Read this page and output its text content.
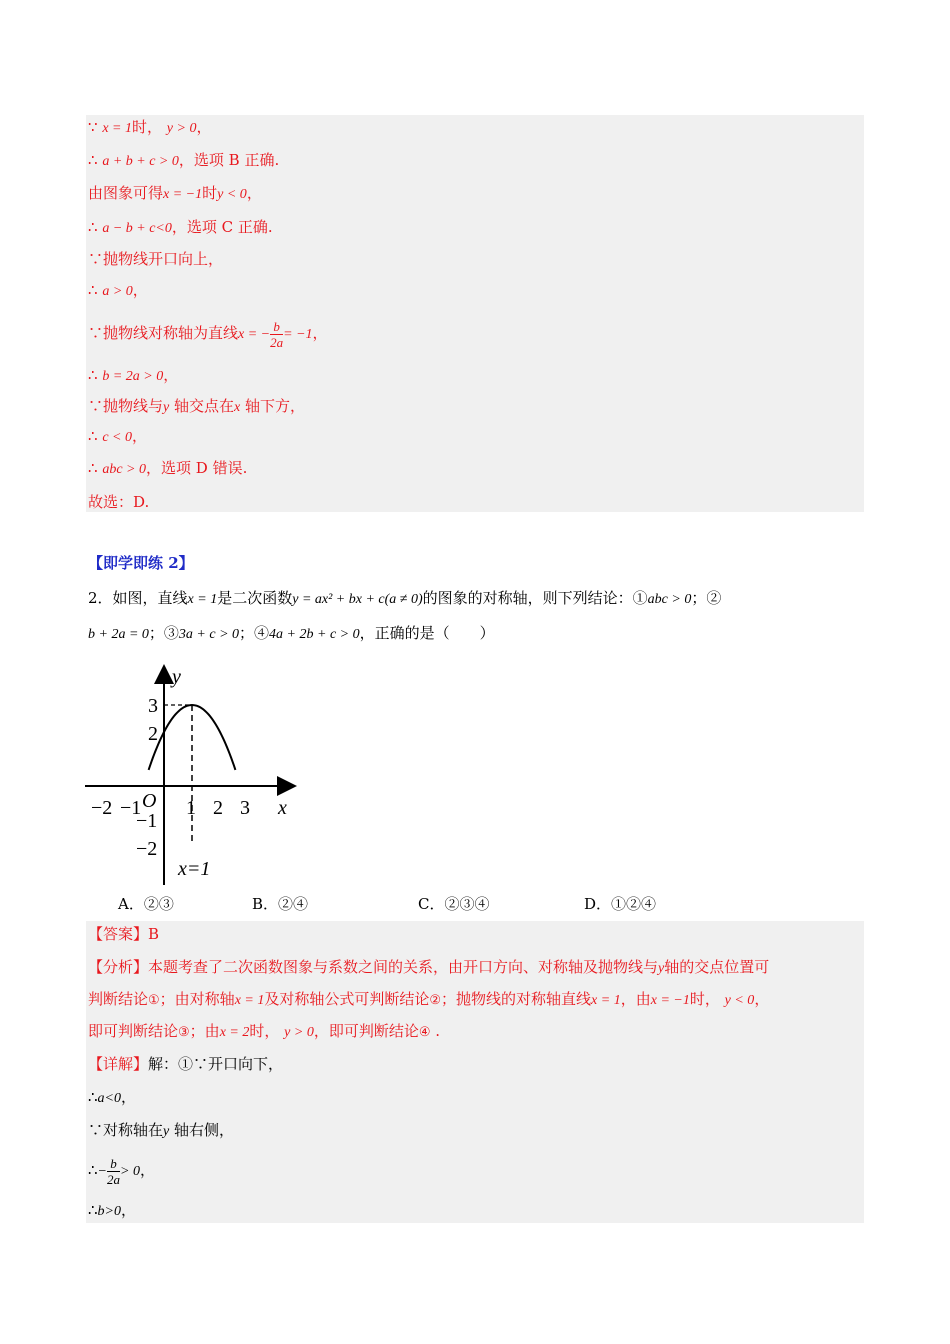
∵ x = 1时， y > 0，
∴ a + b + c > 0，选项 B 正确.
由图象可得x = −1时y < 0，
∴ a − b + c<0，选项 C 正确.
∵抛物线开口向上，
∴ a > 0，
∵抛物线对称轴为直线x = − $\frac{b}{2a} = -1$，
∴ b = 2a > 0，
∵抛物线与y 轴交点在x 轴下方，
∴ c < 0，
∴ abc > 0，选项 D 错误.
故选：D.
【即学即练 2】
2．如图，直线x = 1是二次函数y = ax² + bx + c(a ≠ 0)的图象的对称轴，则下列结论：①abc > 0；②
b + 2a = 0；③3a + c > 0；④4a + 2b + c > 0，正确的是（　　）
y
x
O
−2 −1 1 2 3
3
2
−1
−2
x=1
A．②③	B．②④	C．②③④	D．①②④
【答案】B
【分析】本题考查了二次函数图象与系数之间的关系，由开口方向、对称轴及抛物线与y轴的交点位置可
判断结论①；由对称轴x = 1及对称轴公式可判断结论②；抛物线的对称轴直线x = 1，由x = −1时， y < 0，
即可判断结论③；由x = 2时， y > 0，即可判断结论④ .
【详解】解：①∵开口向下，
∴a<0，
∵对称轴在y 轴右侧，
∴− $\frac{b}{2a} > 0$，
∴b>0，
